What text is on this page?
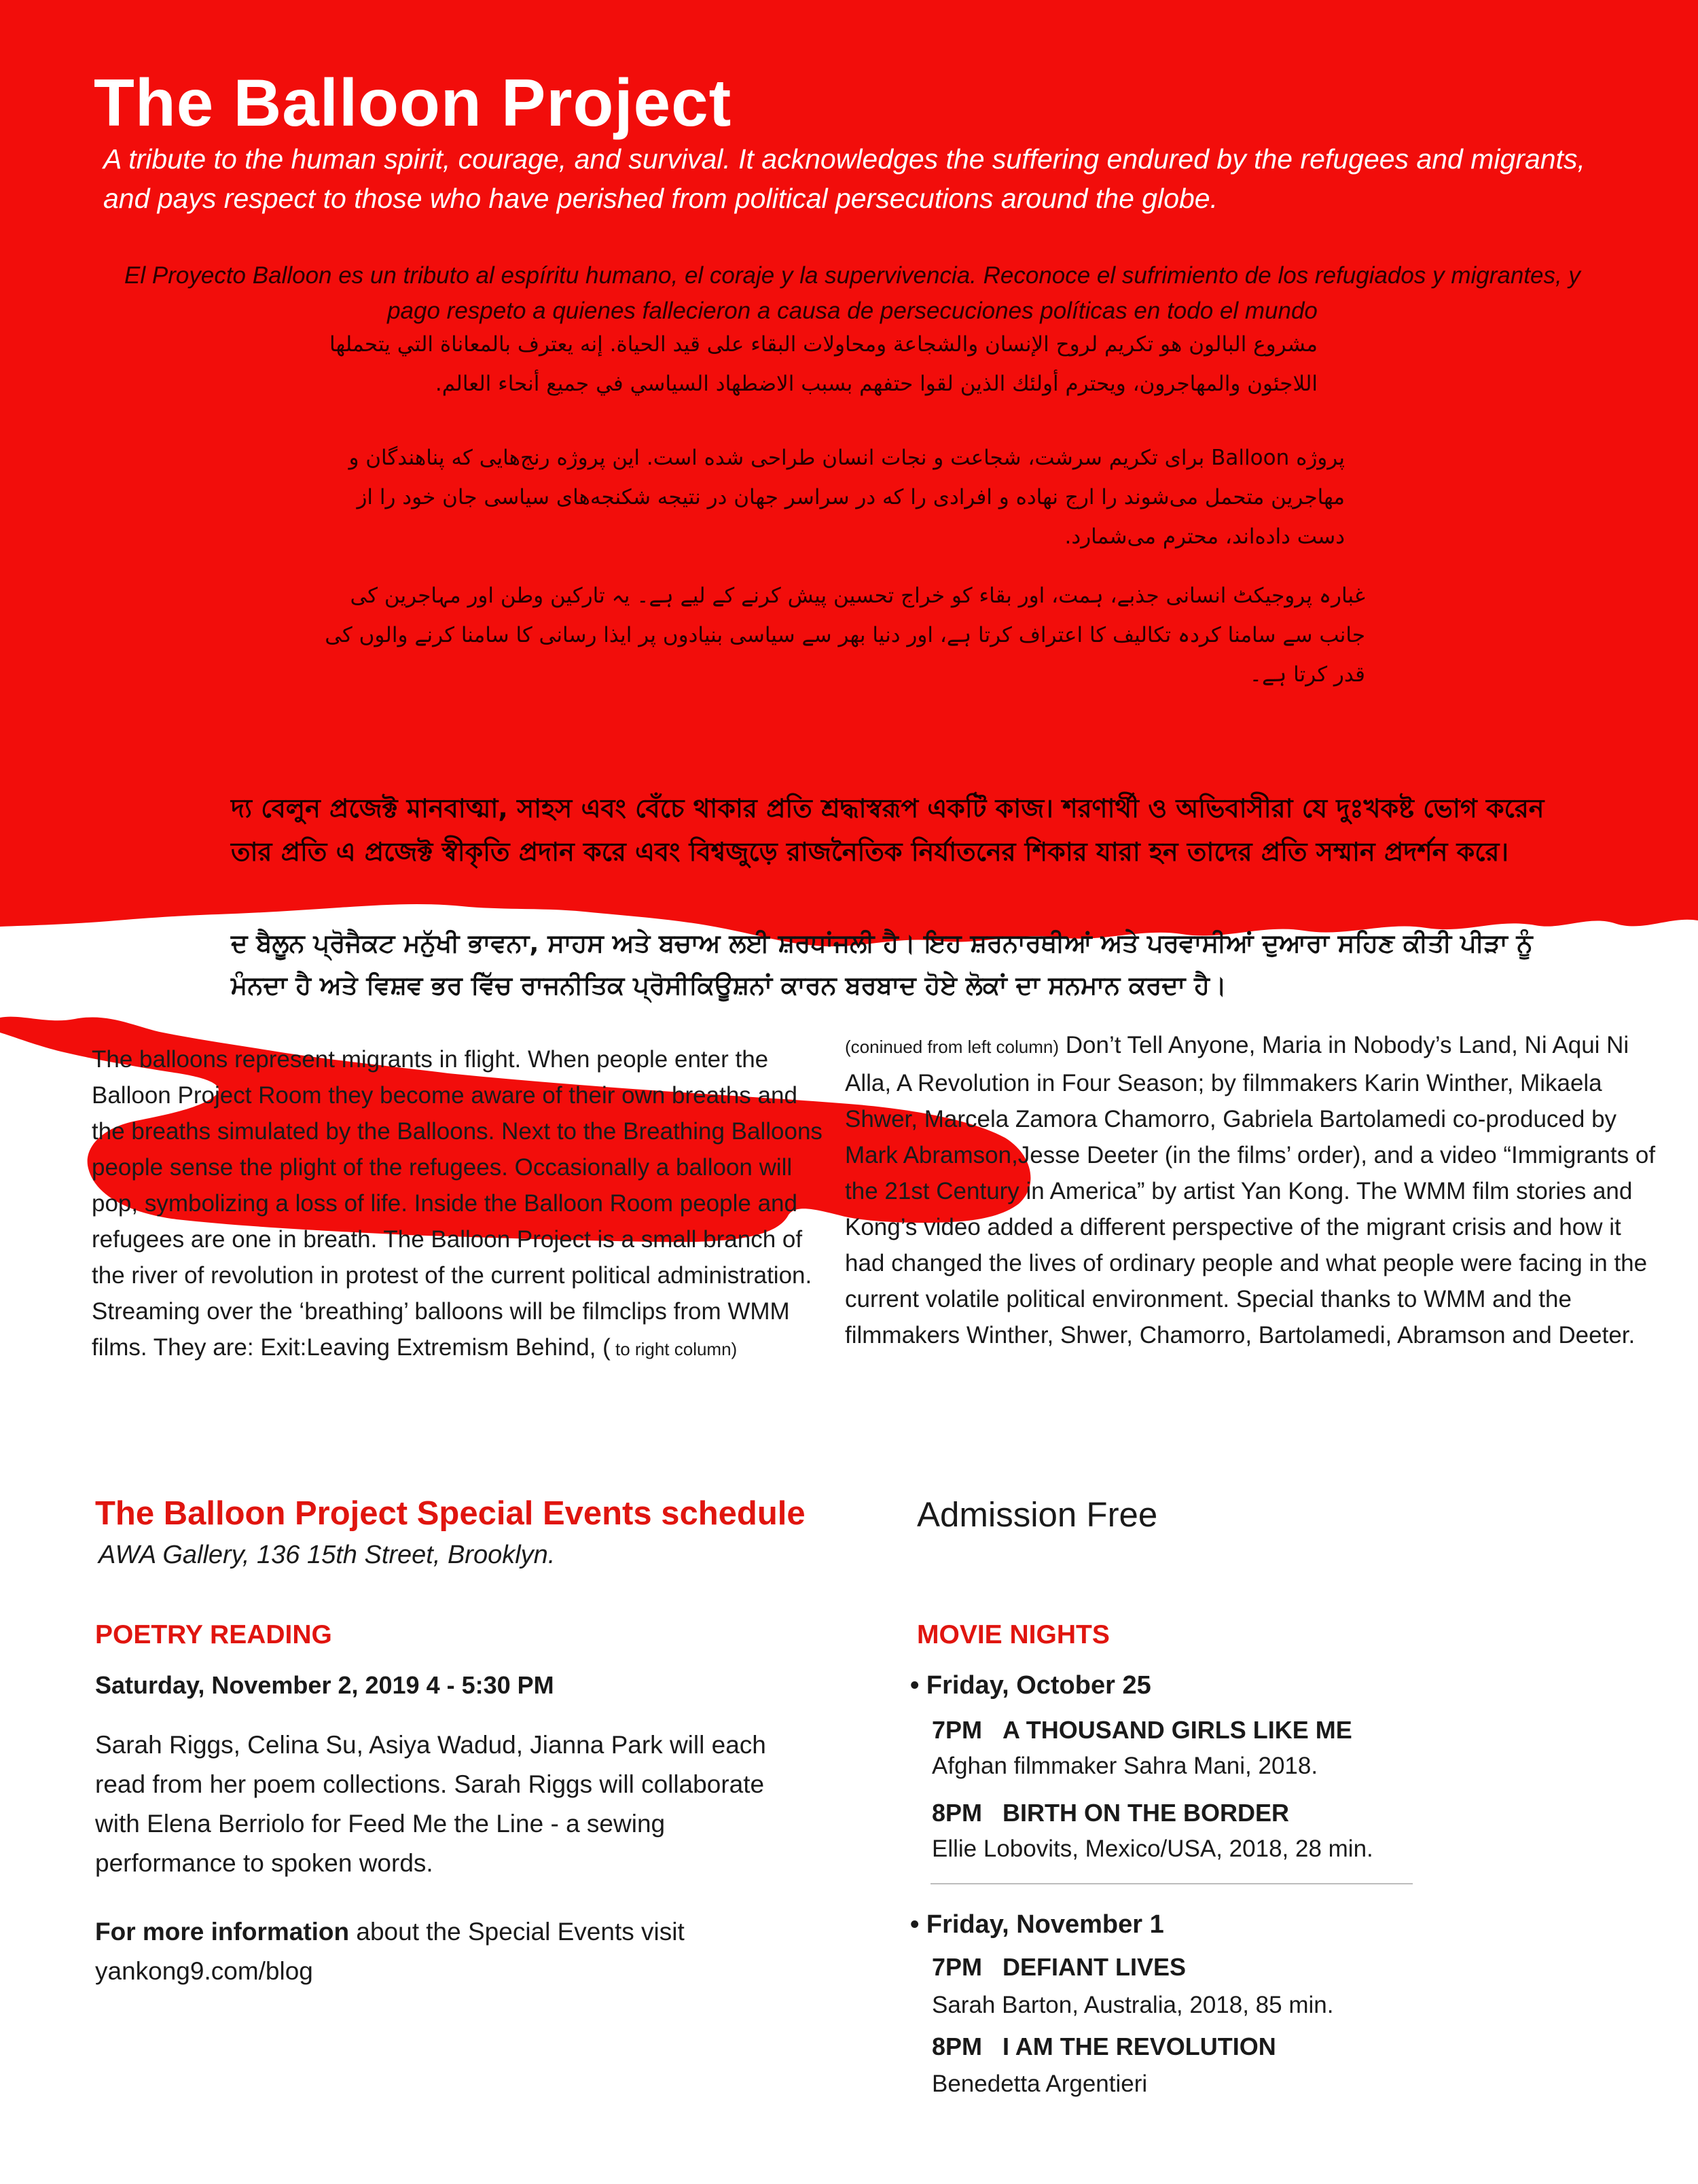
The Balloon Project

A tribute to the human spirit, courage, and survival. It acknowledges the suffering endured by the refugees and migrants, and pays respect to those who have perished from political persecutions around the globe.

El Proyecto Balloon es un tributo al espíritu humano, el coraje y la supervivencia. Reconoce el sufrimiento de los refugiados y migrantes, y pago respeto a quienes fallecieron a causa de persecuciones políticas en todo el mundo

مشروع البالون هو تكريم لروح الإنسان والشجاعة ومحاولات البقاء على قيد الحياة. إنه يعترف بالمعاناة التي يتحملها اللاجئون والمهاجرون، ويحترم أولئك الذين لقوا حتفهم بسبب الاضطهاد السياسي في جميع أنحاء العالم.

پروژه Balloon برای تکریم سرشت، شجاعت و نجات انسان طراحی شده است. این پروژه رنج‌هایی که پناهندگان و مهاجرین متحمل می‌شوند را ارج نهاده و افرادی را که در سراسر جهان در نتیجه شکنجه‌های سیاسی جان خود را از دست داده‌اند، محترم می‌شمارد.

غبارہ پروجیکٹ انسانی جذبے، ہمت، اور بقاء کو خراج تحسین پیش کرنے کے لیے ہے۔ یہ تارکین وطن اور مہاجرین کی جانب سے سامنا کردہ تکالیف کا اعتراف کرتا ہے، اور دنیا بھر سے سیاسی بنیادوں پر ایذا رسانی کا سامنا کرنے والوں کی قدر کرتا ہے۔

দ্য বেলুন প্রজেক্ট মানবাত্মা, সাহস এবং বেঁচে থাকার প্রতি শ্রদ্ধাস্বরূপ একটি কাজ। শরণার্থী ও অভিবাসীরা যে দুঃখকষ্ট ভোগ করেন তার প্রতি এ প্রজেক্ট স্বীকৃতি প্রদান করে এবং বিশ্বজুড়ে রাজনৈতিক নির্যাতনের শিকার যারা হন তাদের প্রতি সম্মান প্রদর্শন করে।

ਦ ਬੈਲੂਨ ਪ੍ਰੋਜੈਕਟ ਮਨੁੱਖੀ ਭਾਵਨਾ, ਸਾਹਸ ਅਤੇ ਬਚਾਅ ਲਈ ਸ਼ਰਧਾਂਜਲੀ ਹੈ। ਇਹ ਸ਼ਰਨਾਰਥੀਆਂ ਅਤੇ ਪਰਵਾਸੀਆਂ ਦੁਆਰਾ ਸਹਿਣ ਕੀਤੀ ਪੀੜਾ ਨੂੰ ਮੰਨਦਾ ਹੈ ਅਤੇ ਵਿਸ਼ਵ ਭਰ ਵਿੱਚ ਰਾਜਨੀਤਿਕ ਪ੍ਰੋਸੀਕਿਊਸ਼ਨਾਂ ਕਾਰਨ ਬਰਬਾਦ ਹੋਏ ਲੋਕਾਂ ਦਾ ਸਨਮਾਨ ਕਰਦਾ ਹੈ।

The balloons represent migrants in flight. When people enter the Balloon Project Room they become aware of their own breaths and the breaths simulated by the Balloons. Next to the Breathing Balloons people sense the plight of the refugees. Occasionally a balloon will pop, symbolizing a loss of life. Inside the Balloon Room people and refugees are one in breath. The Balloon Project is a small branch of the river of revolution in protest of the current political administration. Streaming over the ‘breathing’ balloons will be filmclips from WMM films. They are: Exit:Leaving Extremism Behind, ( to right column)

(coninued from left column) Don’t Tell Anyone, Maria in Nobody’s Land, Ni Aqui Ni Alla, A Revolution in Four Season; by filmmakers Karin Winther, Mikaela Shwer, Marcela Zamora Chamorro, Gabriela Bartolamedi co-produced by Mark Abramson,Jesse Deeter (in the films’ order), and a video “Immigrants of the 21st Century in America” by artist Yan Kong. The WMM film stories and Kong’s video added a different perspective of the migrant crisis and how it had changed the lives of ordinary people and what people were facing in the current volatile political environment. Special thanks to WMM and the filmmakers Winther, Shwer, Chamorro, Bartolamedi, Abramson and Deeter.

The Balloon Project Special Events schedule	Admission Free
AWA Gallery, 136 15th Street, Brooklyn.
POETRY READING
Saturday, November 2, 2019 4 - 5:30 PM

Sarah Riggs, Celina Su, Asiya Wadud, Jianna Park will each read from her poem collections. Sarah Riggs will collaborate with Elena Berriolo for Feed Me the Line - a sewing performance to spoken words.

For more information about the Special Events visit yankong9.com/blog

MOVIE NIGHTS
• Friday, October 25
7PM A THOUSAND GIRLS LIKE ME
Afghan filmmaker Sahra Mani, 2018.
8PM BIRTH ON THE BORDER
Ellie Lobovits, Mexico/USA, 2018, 28 min.
• Friday, November 1
7PM DEFIANT LIVES
Sarah Barton, Australia, 2018, 85 min.
8PM I AM THE REVOLUTION
Benedetta Argentieri
